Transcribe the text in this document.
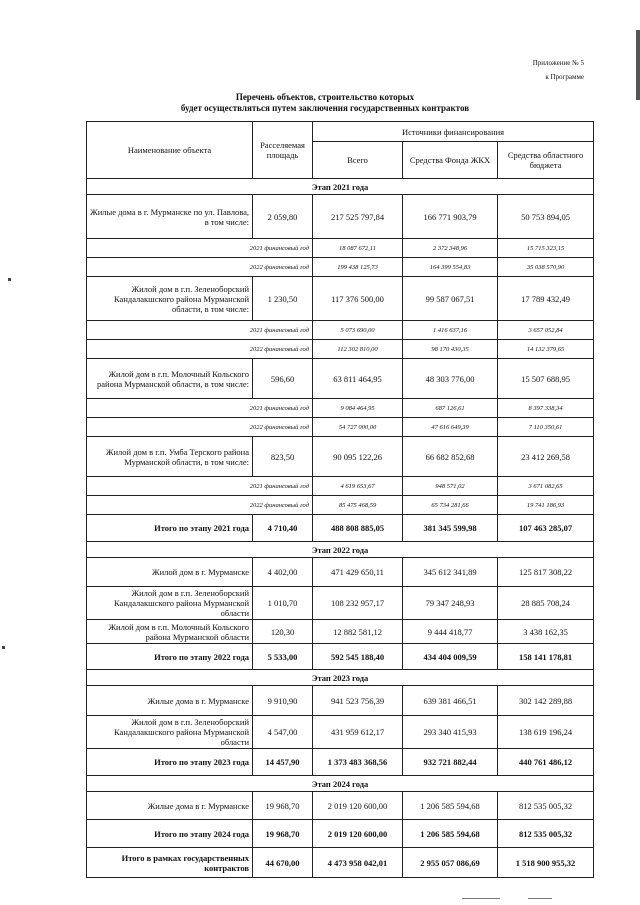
Приложение № 5
к Программе
Перечень объектов, строительство которых
будет осуществляться путем заключения государственных контрактов
Наименование объекта	Расселяемая площадь	Источники финансирования		
		Всего	Средства Фонда ЖКХ	Средства областного бюджета
Этап 2021 года				
Жилые дома в г. Мурманске по ул. Павлова, в том числе:	2 059,80	217 525 797,84	166 771 903,79	50 753 894,05
2021 финансовый год		18 087 672,11	2 372 348,96	15 715 323,15
2022 финансовый год		199 438 125,73	164 399 554,83	35 038 570,90
Жилой дом в г.п. Зеленоборский Кандалакшского района Мурманской области, в том числе:	1 230,50	117 376 500,00	99 587 067,51	17 789 432,49
2021 финансовый год		5 073 690,00	1 416 637,16	3 657 052,84
2022 финансовый год		112 302 810,00	98 170 430,35	14 132 379,65
Жилой дом в г.п. Молочный Кольского района Мурманской области, в том числе:	596,60	63 811 464,95	48 303 776,00	15 507 688,95
2021 финансовый год		9 084 464,95	687 126,61	8 397 338,34
2022 финансовый год		54 727 000,00	47 616 649,39	7 110 350,61
Жилой дом в г.п. Умба Терского района Мурманской области, в том числе:	823,50	90 095 122,26	66 682 852,68	23 412 269,58
2021 финансовый год		4 619 653,67	948 571,02	3 671 082,65
2022 финансовый год		85 475 468,59	65 734 281,66	19 741 186,93
Итого по этапу 2021 года	4 710,40	488 808 885,05	381 345 599,98	107 463 285,07
Этап 2022 года				
Жилой дом в г. Мурманске	4 402,00	471 429 650,11	345 612 341,89	125 817 308,22
Жилой дом в г.п. Зеленоборский Кандалакшского района Мурманской области	1 010,70	108 232 957,17	79 347 248,93	28 885 708,24
Жилой дом в г.п. Молочный Кольского района Мурманской области	120,30	12 882 581,12	9 444 418,77	3 438 162,35
Итого по этапу 2022 года	5 533,00	592 545 188,40	434 404 009,59	158 141 178,81
Этап 2023 года				
Жилые дома в г. Мурманске	9 910,90	941 523 756,39	639 381 466,51	302 142 289,88
Жилой дом в г.п. Зеленоборский Кандалакшского района Мурманской области	4 547,00	431 959 612,17	293 340 415,93	138 619 196,24
Итого по этапу 2023 года	14 457,90	1 373 483 368,56	932 721 882,44	440 761 486,12
Этап 2024 года				
Жилые дома в г. Мурманске	19 968,70	2 019 120 600,00	1 206 585 594,68	812 535 005,32
Итого по этапу 2024 года	19 968,70	2 019 120 600,00	1 206 585 594,68	812 535 005,32
Итого в рамках государственных контрактов	44 670,00	4 473 958 042,01	2 955 057 086,69	1 518 900 955,32
